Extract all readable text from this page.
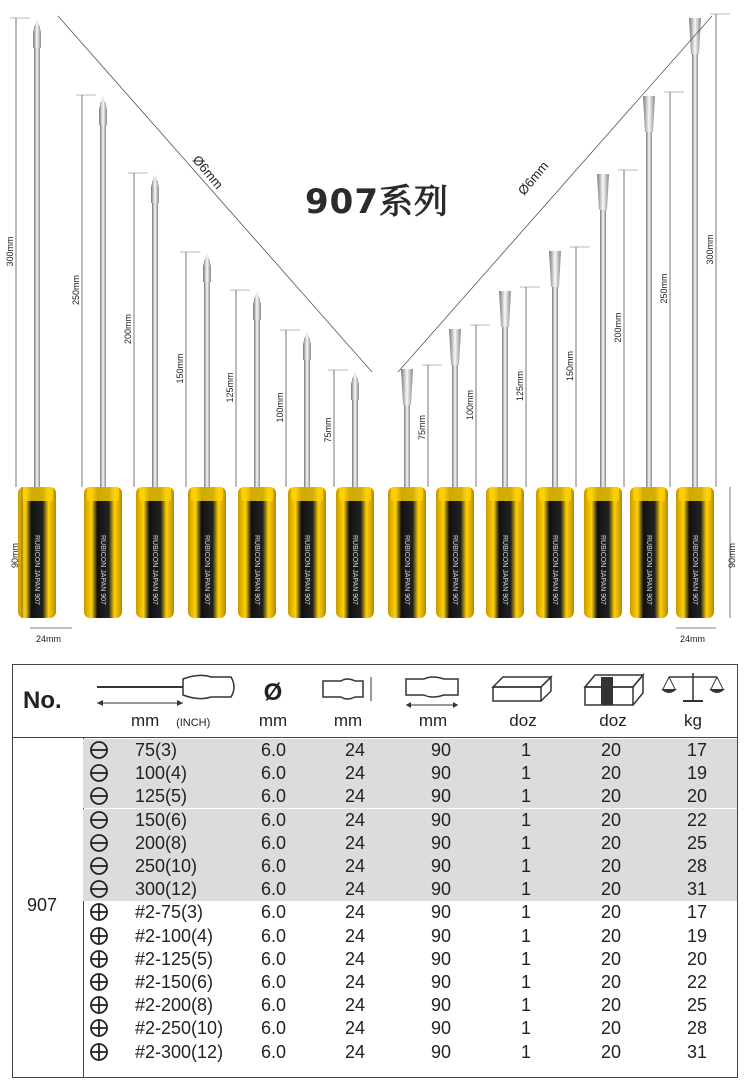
RUBICON JAPAN 907
300mm
RUBICON JAPAN 907
250mm
RUBICON JAPAN 907
200mm
RUBICON JAPAN 907
150mm
RUBICON JAPAN 907
125mm
RUBICON JAPAN 907
100mm
RUBICON JAPAN 907
75mm
RUBICON JAPAN 907
75mm
RUBICON JAPAN 907
100mm
RUBICON JAPAN 907
125mm
RUBICON JAPAN 907
150mm
RUBICON JAPAN 907
200mm
RUBICON JAPAN 907
250mm
RUBICON JAPAN 907
300mm
Ø6mm	Ø6mm
90mm	90mm
24mm	24mm
907系列
No.
mm (INCH)
Ø
mm	mm	mm	doz	doz	kg
907
75(3)	6.0	24	90	1	20	17
100(4)	6.0	24	90	1	20	19
125(5)	6.0	24	90	1	20	20
150(6)	6.0	24	90	1	20	22
200(8)	6.0	24	90	1	20	25
250(10)	6.0	24	90	1	20	28
300(12)	6.0	24	90	1	20	31
#2-75(3)	6.0	24	90	1	20	17
#2-100(4)	6.0	24	90	1	20	19
#2-125(5)	6.0	24	90	1	20	20
#2-150(6)	6.0	24	90	1	20	22
#2-200(8)	6.0	24	90	1	20	25
#2-250(10) 6.0	24	90	1	20	28
#2-300(12) 6.0	24	90	1	20	31
